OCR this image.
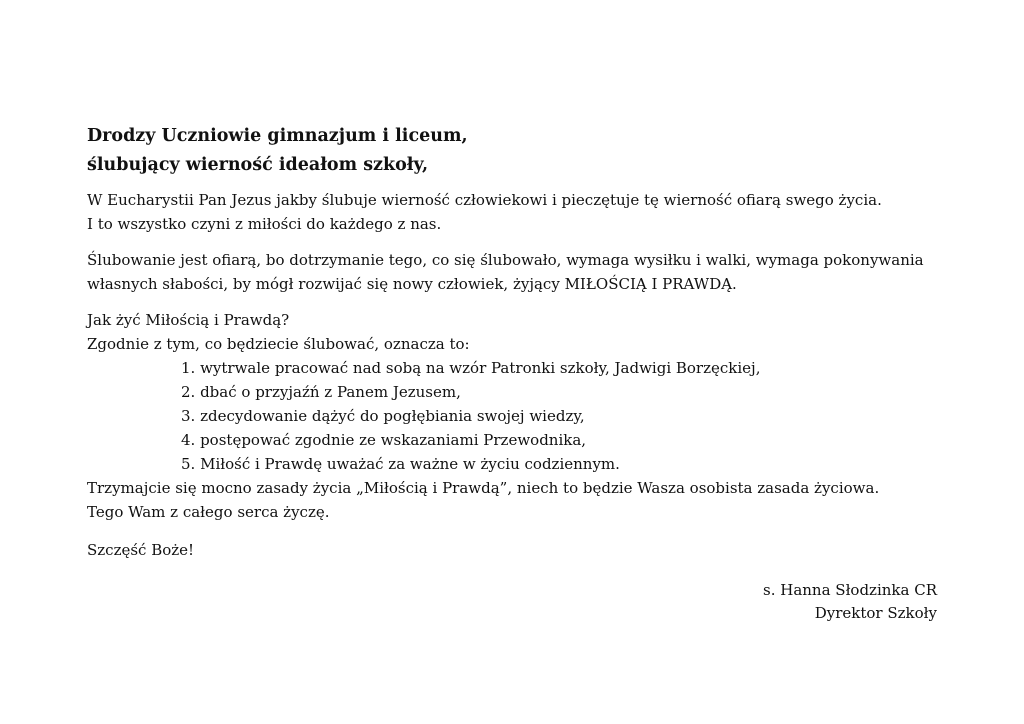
Drodzy Uczniowie gimnazjum i liceum,
ślubujący wierność ideałom szkoły,
W Eucharystii Pan Jezus jakby ślubuje wierność człowiekowi i pieczętuje tę wierność ofiarą swego życia.
I to wszystko czyni z miłości do każdego z nas.
Ślubowanie jest ofiarą, bo dotrzymanie tego, co się ślubowało, wymaga wysiłku i walki, wymaga pokonywania
własnych słabości, by mógł rozwijać się nowy człowiek, żyjący MIŁOŚCIĄ I PRAWDĄ.
Jak żyć Miłością i Prawdą?
Zgodnie z tym, co będziecie ślubować, oznacza to:
1. wytrwale pracować nad sobą na wzór Patronki szkoły, Jadwigi Borzęckiej,
2. dbać o przyjaźń z Panem Jezusem,
3. zdecydowanie dążyć do pogłębiania swojej wiedzy,
4. postępować zgodnie ze wskazaniami Przewodnika,
5. Miłość i Prawdę uważać za ważne w życiu codziennym.
Trzymajcie się mocno zasady życia „Miłością i Prawdą”, niech to będzie Wasza osobista zasada życiowa.
Tego Wam z całego serca życzę.
Szczęść Boże!
s. Hanna Słodzinka CR
Dyrektor Szkoły
